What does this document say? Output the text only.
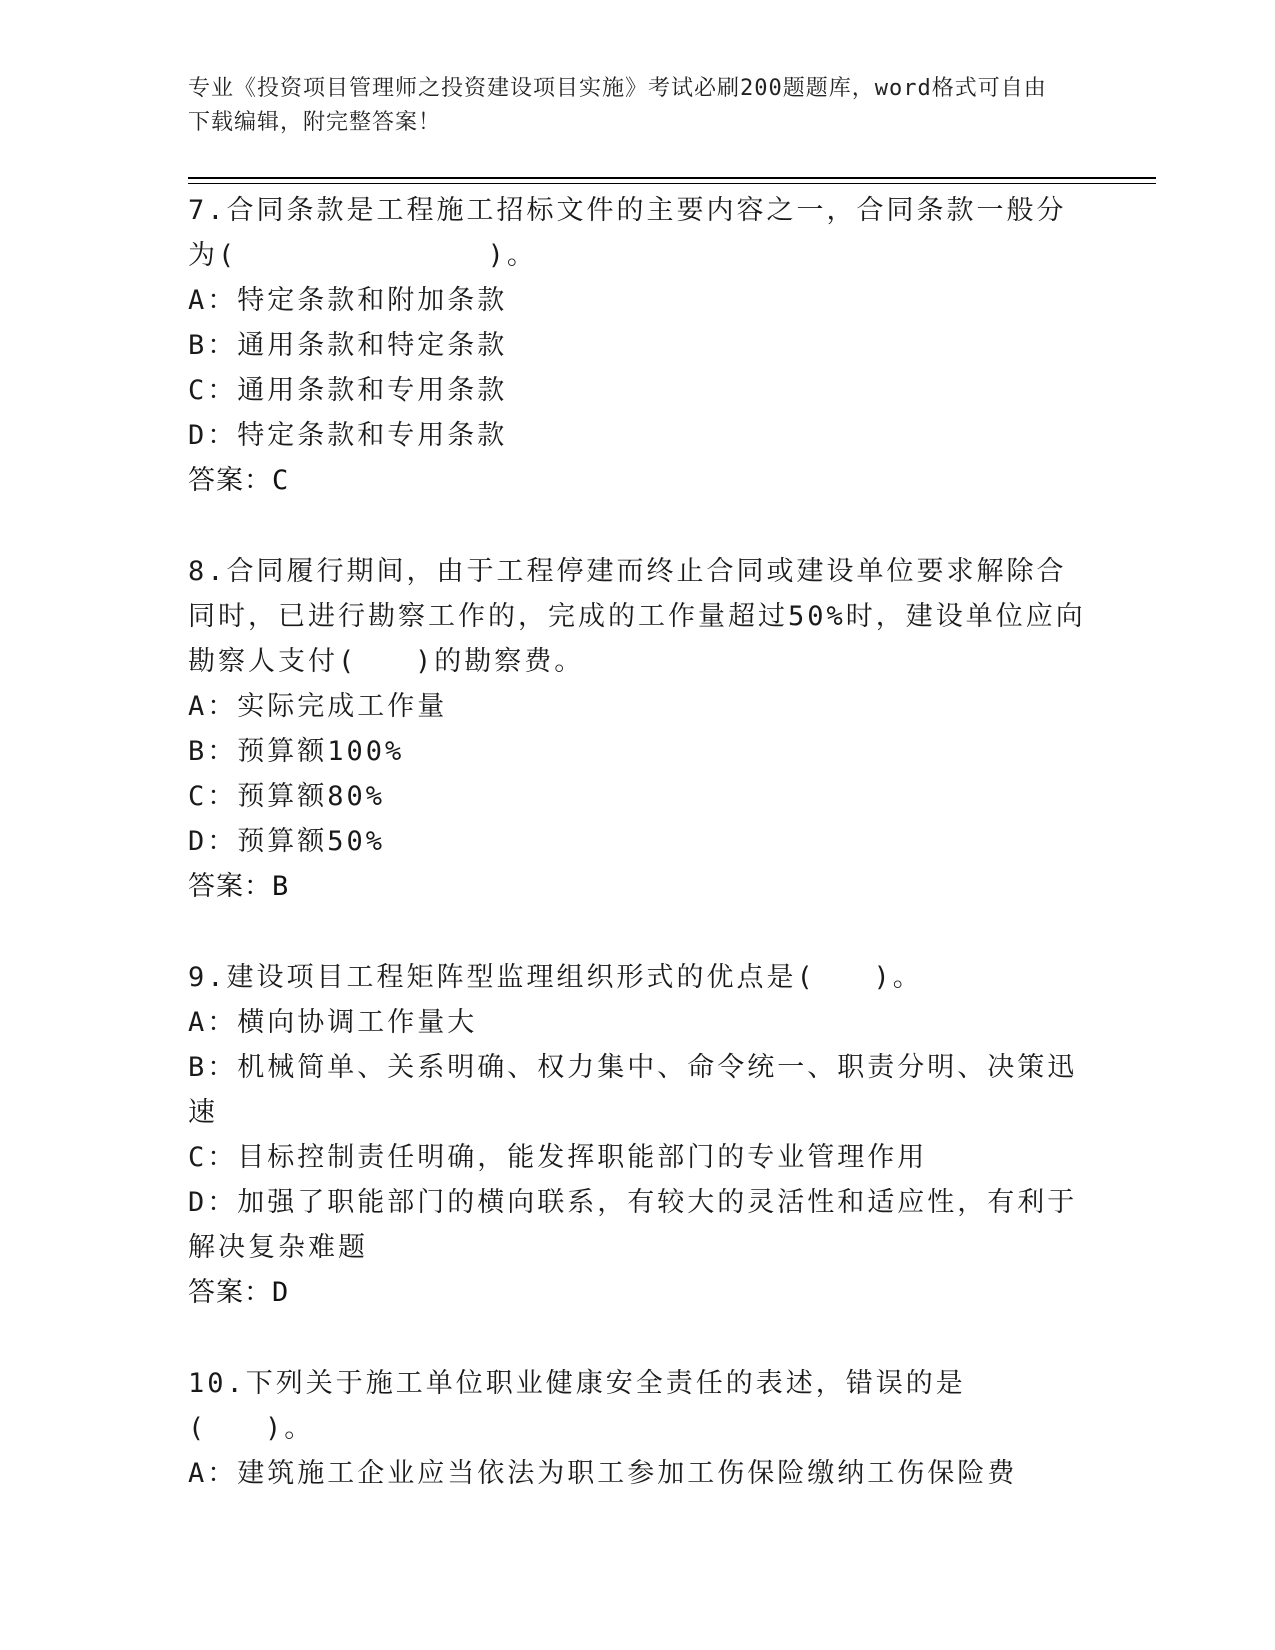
专业《投资项目管理师之投资建设项目实施》考试必刷200题题库，word格式可自由下载编辑，附完整答案！

7.合同条款是工程施工招标文件的主要内容之一，合同条款一般分为(             )。

A：特定条款和附加条款

B：通用条款和特定条款

C：通用条款和专用条款

D：特定条款和专用条款

答案：C

8.合同履行期间，由于工程停建而终止合同或建设单位要求解除合同时，已进行勘察工作的，完成的工作量超过50%时，建设单位应向勘察人支付(   )的勘察费。

A：实际完成工作量

B：预算额100%

C：预算额80%

D：预算额50%

答案：B

9.建设项目工程矩阵型监理组织形式的优点是(   )。

A：横向协调工作量大

B：机械简单、关系明确、权力集中、命令统一、职责分明、决策迅速

C：目标控制责任明确，能发挥职能部门的专业管理作用

D：加强了职能部门的横向联系，有较大的灵活性和适应性，有利于解决复杂难题

答案：D

10.下列关于施工单位职业健康安全责任的表述，错误的是(   )。

A：建筑施工企业应当依法为职工参加工伤保险缴纳工伤保险费
